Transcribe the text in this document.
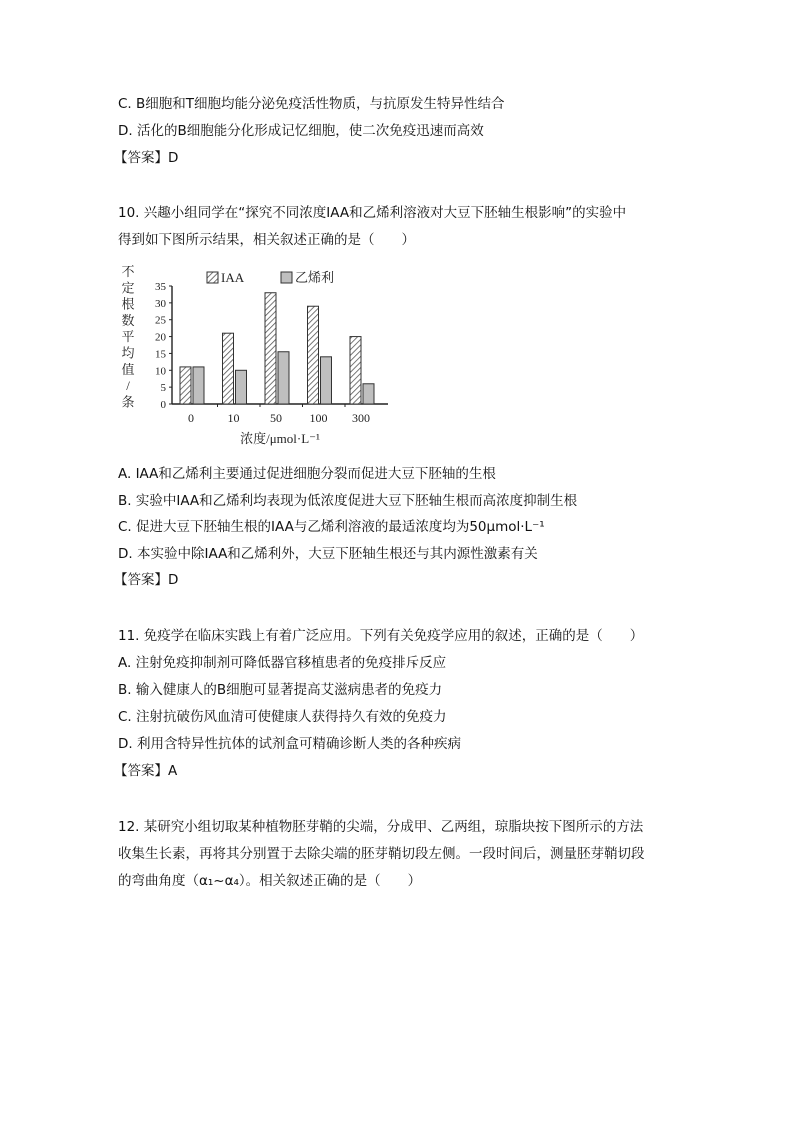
C. B细胞和T细胞均能分泌免疫活性物质，与抗原发生特异性结合
D. 活化的B细胞能分化形成记忆细胞，使二次免疫迅速而高效
【答案】D
10. 兴趣小组同学在“探究不同浓度IAA和乙烯利溶液对大豆下胚轴生根影响”的实验中
得到如下图所示结果，相关叙述正确的是（　　）
不
定
根
数
平
均
值
/
条
IAA	乙烯利
0
5
10
15
20
25
30
35
0	10	50 100 300
浓度/μmol·L⁻¹
A. IAA和乙烯利主要通过促进细胞分裂而促进大豆下胚轴的生根
B. 实验中IAA和乙烯利均表现为低浓度促进大豆下胚轴生根而高浓度抑制生根
C. 促进大豆下胚轴生根的IAA与乙烯利溶液的最适浓度均为50μmol·L⁻¹
D. 本实验中除IAA和乙烯利外，大豆下胚轴生根还与其内源性激素有关
【答案】D
11. 免疫学在临床实践上有着广泛应用。下列有关免疫学应用的叙述，正确的是（　　）
A. 注射免疫抑制剂可降低器官移植患者的免疫排斥反应
B. 输入健康人的B细胞可显著提高艾滋病患者的免疫力
C. 注射抗破伤风血清可使健康人获得持久有效的免疫力
D. 利用含特异性抗体的试剂盒可精确诊断人类的各种疾病
【答案】A
12. 某研究小组切取某种植物胚芽鞘的尖端，分成甲、乙两组，琼脂块按下图所示的方法
收集生长素，再将其分别置于去除尖端的胚芽鞘切段左侧。一段时间后，测量胚芽鞘切段
的弯曲角度（α₁~α₄）。相关叙述正确的是（　　）
